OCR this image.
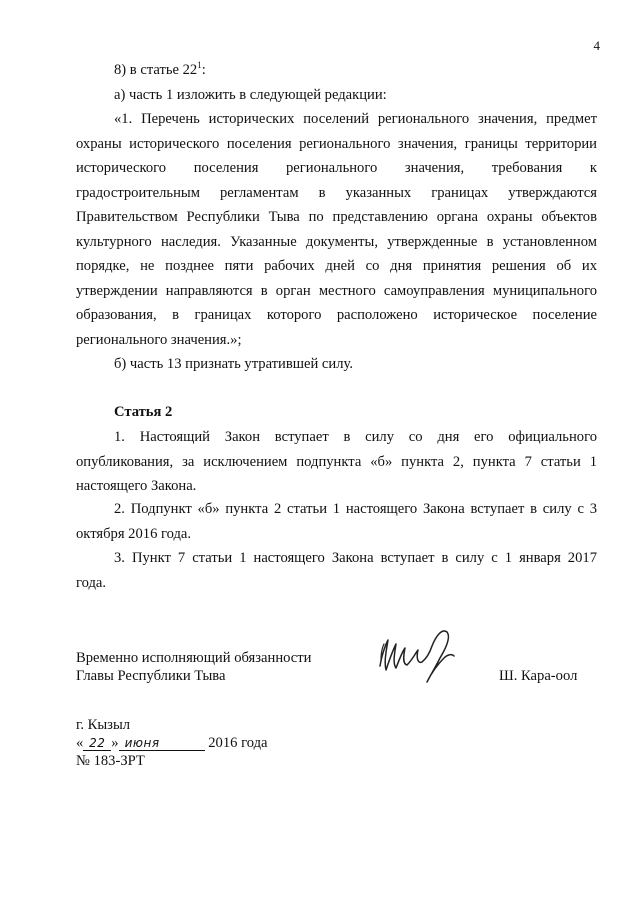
4
8) в статье $22^1$:
а) часть 1 изложить в следующей редакции:
«1. Перечень исторических поселений регионального значения, предмет
охраны исторического поселения регионального значения, границы территории
исторического поселения регионального значения, требования к
градостроительным регламентам в указанных границах утверждаются
Правительством Республики Тыва по представлению органа охраны объектов
культурного наследия. Указанные документы, утвержденные в установленном
порядке, не позднее пяти рабочих дней со дня принятия решения об их
утверждении направляются в орган местного самоуправления муниципального
образования, в границах которого расположено историческое поселение
регионального значения.»;
б) часть 13 признать утратившей силу.
Статья 2
1. Настоящий Закон вступает в силу со дня его официального
опубликования, за исключением подпункта «б» пункта 2, пункта 7 статьи 1
настоящего Закона.
2. Подпункт «б» пункта 2 статьи 1 настоящего Закона вступает в силу с 3
октября 2016 года.
3. Пункт 7 статьи 1 настоящего Закона вступает в силу с 1 января 2017
года.
Временно исполняющий обязанности
Главы Республики Тыва	Ш. Кара-оол
г. Кызыл
« 22 » июня	2016 года
№ 183-ЗРТ
